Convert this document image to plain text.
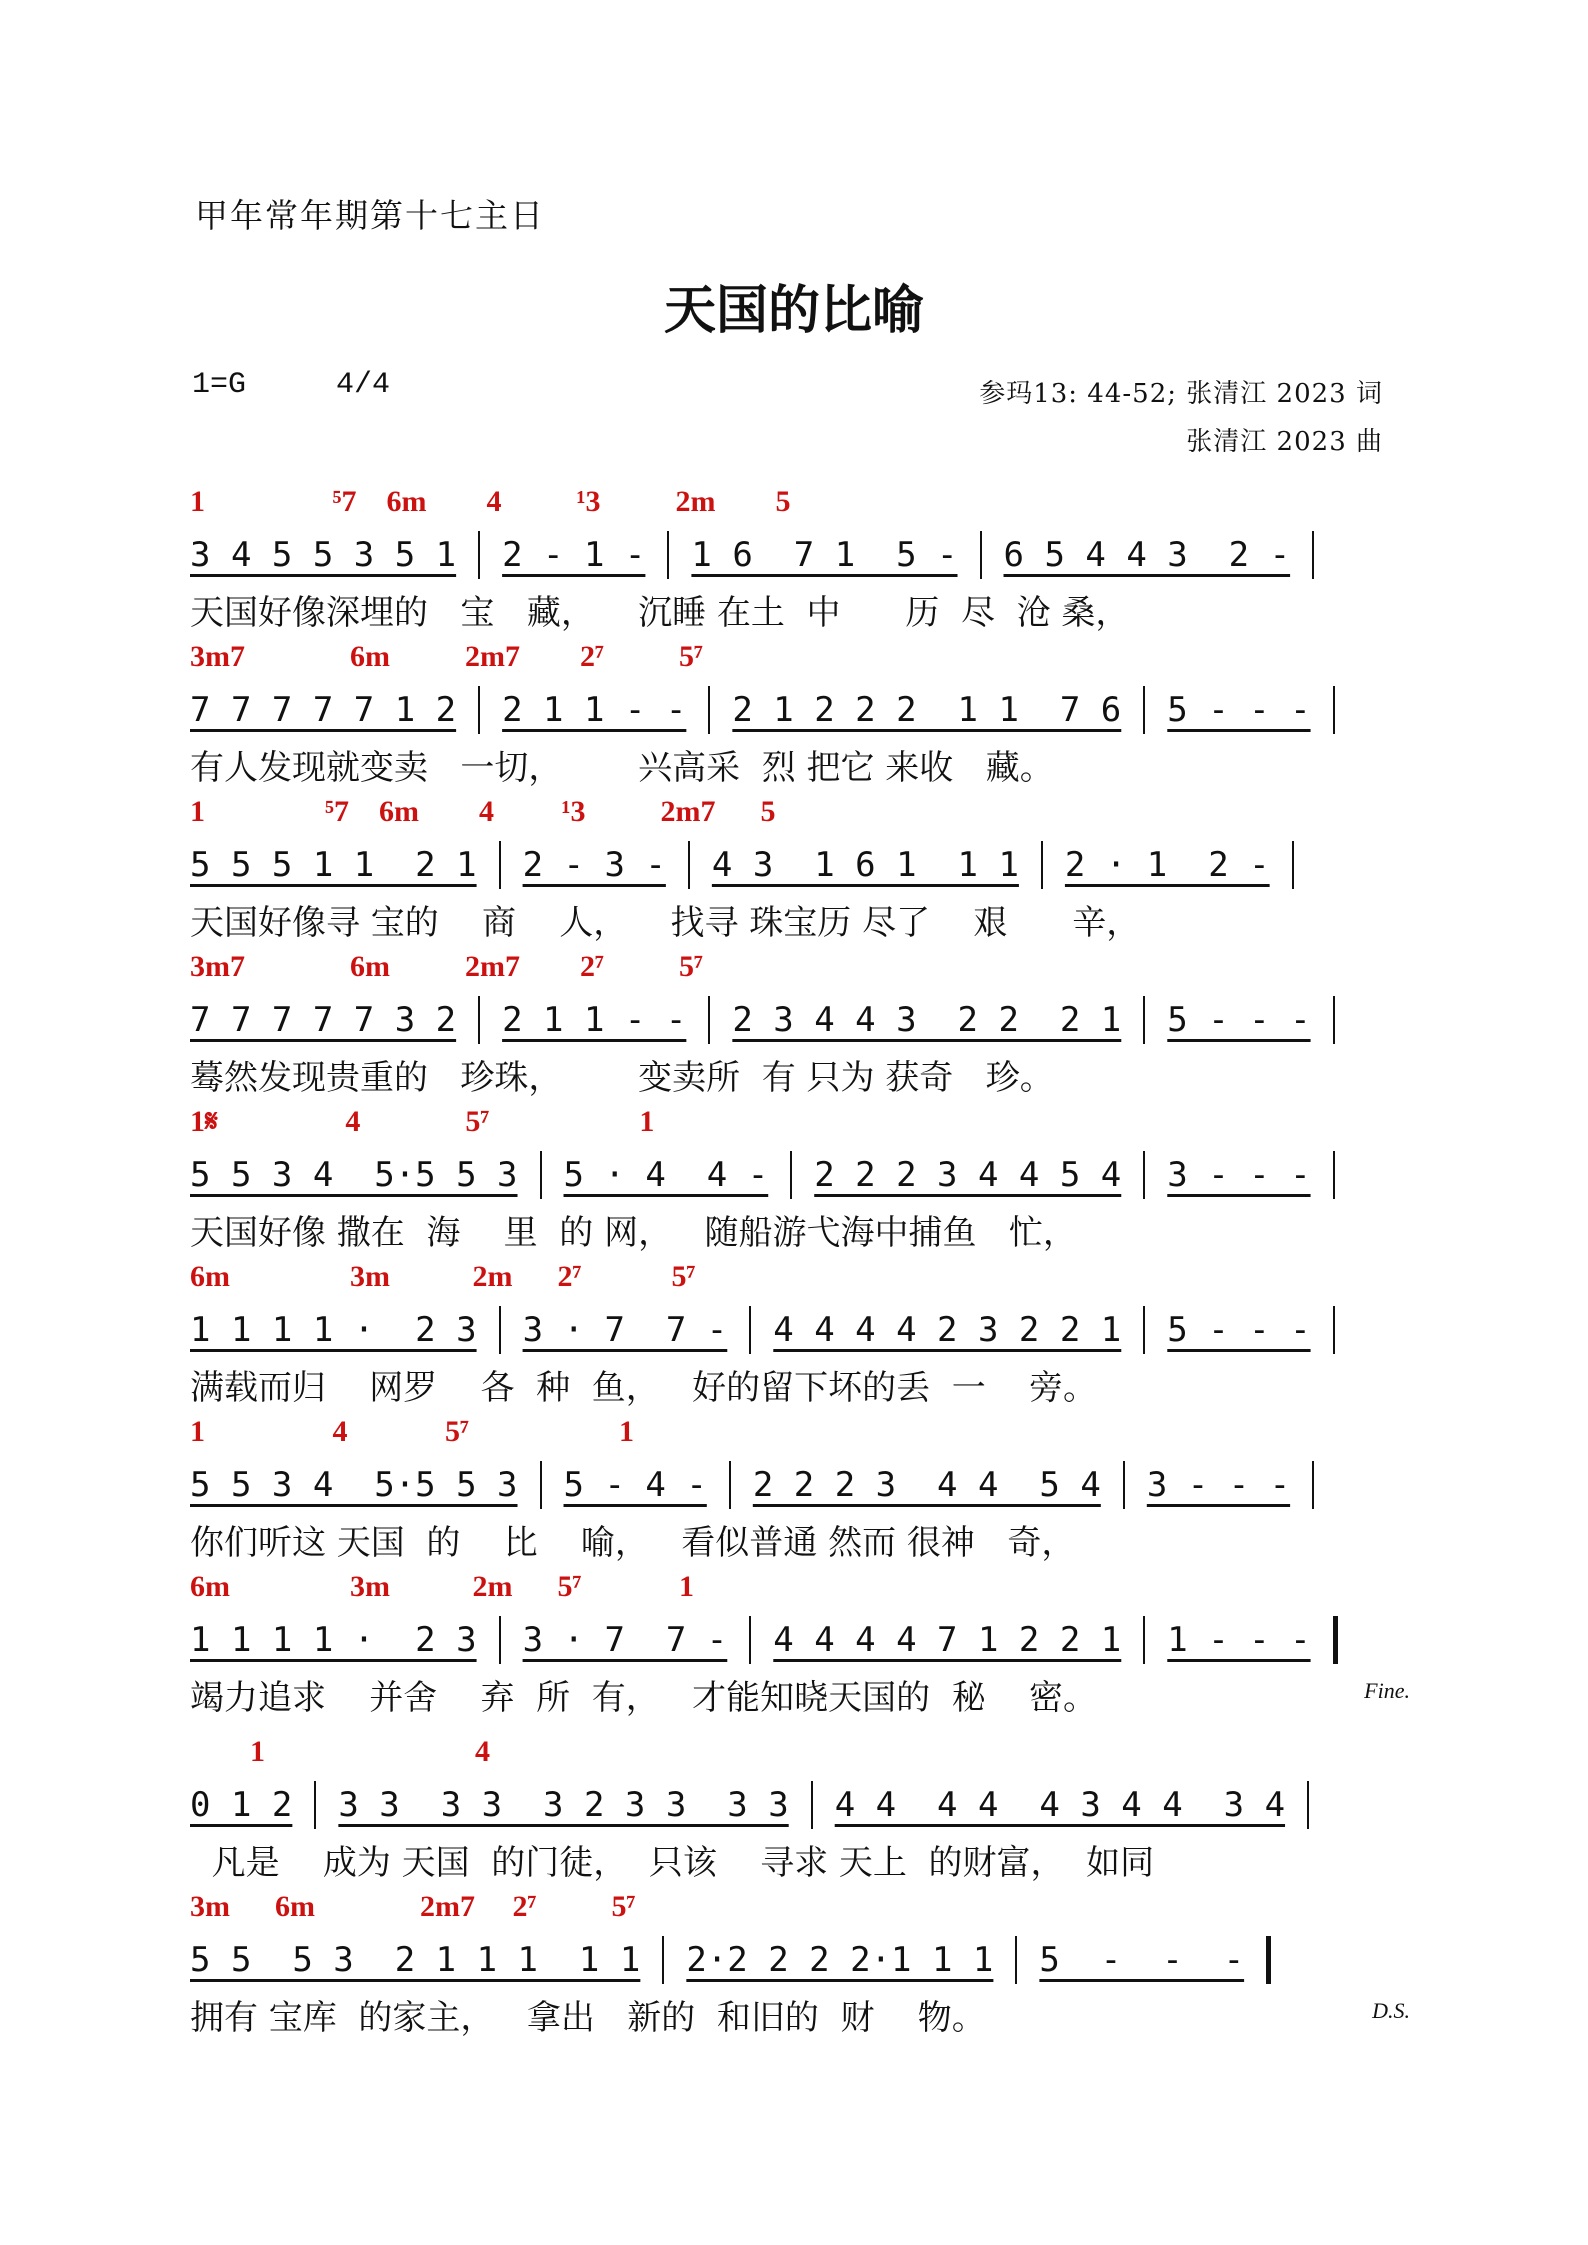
甲年常年期第十七主日
天国的比喻
1=G     4/4	参玛13: 44-52; 张清江 2023 词
张清江 2023 曲
1                 ⁵7    6m        4          ¹3          2m        5
3 4 5 5 3 5 1 2 - 1 - 1 6  7 1  5 - 6 5 4 4 3  2 -
天国好像深埋的   宝   藏，    沉睡 在土  中      历  尽  沧 桑，
3m7              6m          2m7        2⁷          5⁷
7 7 7 7 7 1 2 2 1 1 - - 2 1 2 2 2  1 1  7 6 5 - - -
有人发现就变卖   一切，       兴高采  烈 把它 来收   藏。
1                ⁵7    6m        4         ¹3          2m7      5
5 5 5 1 1  2 1 2 - 3 - 4 3  1 6 1  1 1 2 · 1  2 -
天国好像寻 宝的    商    人，    找寻 珠宝历 尽了    艰      辛，
3m7              6m          2m7        2⁷          5⁷
7 7 7 7 7 3 2 2 1 1 - - 2 3 4 4 3  2 2  2 1 5 - - -
蓦然发现贵重的   珍珠，       变卖所  有 只为 获奇   珍。
1𝄋                 4              5⁷                    1
5 5 3 4  5·5 5 3 5 · 4  4 - 2 2 2 3 4 4 5 4 3 - - -
天国好像 撒在  海    里  的 网，   随船游弋海中捕鱼   忙，
6m                3m           2m      2⁷            5⁷
1 1 1 1 ·  2 3 3 · 7  7 - 4 4 4 4 2 3 2 2 1 5 - - -
满载而归    网罗    各  种  鱼，   好的留下坏的丢  一    旁。
1                 4             5⁷                    1
5 5 3 4  5·5 5 3 5 - 4 - 2 2 2 3  4 4  5 4 3 - - -
你们听这 天国  的    比    喻，   看似普通 然而 很神   奇，
6m                3m           2m      5⁷             1
1 1 1 1 ·  2 3 3 · 7  7 - 4 4 4 4 7 1 2 2 1 1 - - -
竭力追求    并舍    弃  所  有，   才能知晓天国的  秘    密。	Fine.
1                            4
0 1 2 3 3  3 3  3 2 3 3  3 3 4 4  4 4  4 3 4 4  3 4
凡是    成为 天国  的门徒，  只该    寻求 天上  的财富，  如同
3m      6m              2m7     2⁷          5⁷
5 5  5 3  2 1 1 1  1 1 2·2 2 2 2·1 1 1 5  -  -  -
拥有 宝库  的家主，   拿出   新的  和旧的  财    物。	D.S.
